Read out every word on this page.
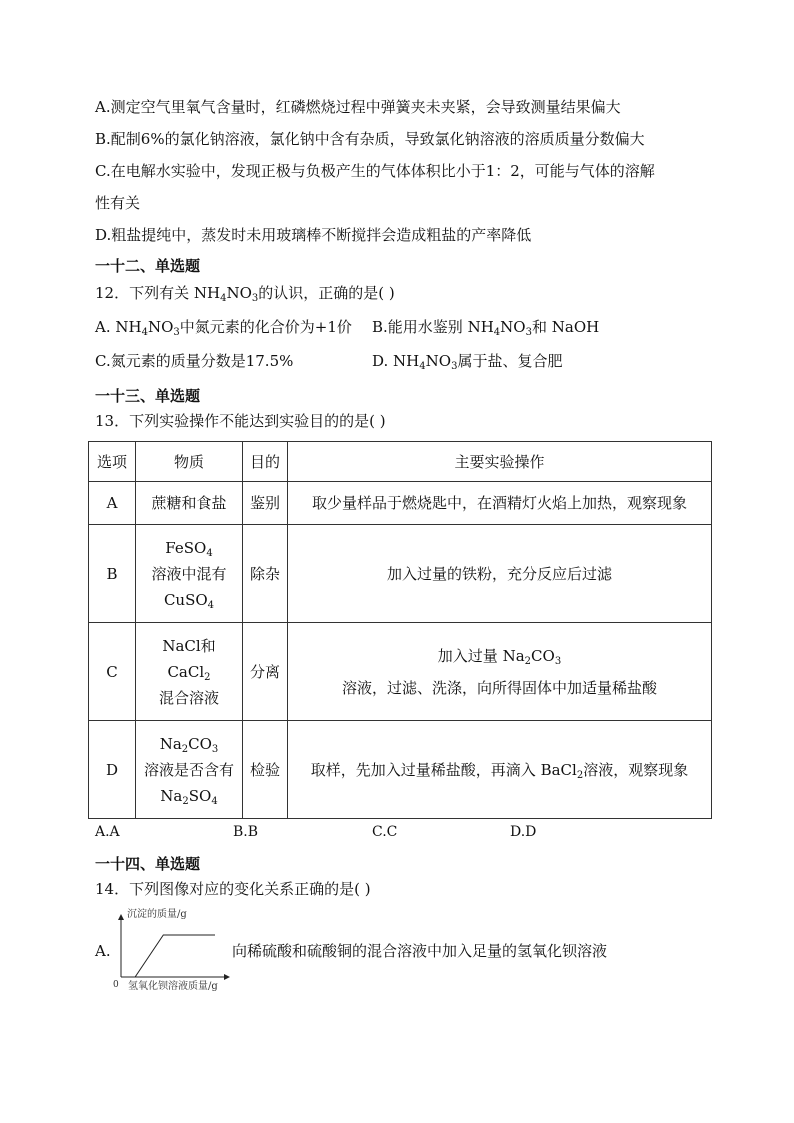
A.测定空气里氧气含量时，红磷燃烧过程中弹簧夹未夹紧，会导致测量结果偏大
B.配制6%的氯化钠溶液，氯化钠中含有杂质，导致氯化钠溶液的溶质质量分数偏大
C.在电解水实验中，发现正极与负极产生的气体体积比小于1：2，可能与气体的溶解
性有关
D.粗盐提纯中，蒸发时未用玻璃棒不断搅拌会造成粗盐的产率降低
一十二、单选题
12．下列有关 $NH_4NO_3$的认识，正确的是( )
A. $NH_4NO_3$中氮元素的化合价为+1价 B.能用水鉴别 $NH_4NO_3$和 NaOH
C.氮元素的质量分数是17.5%	D. $NH_4NO_3$属于盐、复合肥
一十三、单选题
13．下列实验操作不能达到实验目的的是( )
选项	物质	目的	主要实验操作
A	蔗糖和食盐	鉴别	取少量样品于燃烧匙中，在酒精灯火焰上加热，观察现象
B	FeSO$_4$
溶液中混有
CuSO$_4$	除杂	加入过量的铁粉，充分反应后过滤
C	NaCl和
CaCl$_2$
混合溶液	分离	加入过量 $Na_2CO_3$
溶液，过滤、洗涤，向所得固体中加适量稀盐酸
D	$Na_2CO_3$
溶液是否含有
$Na_2SO_4$	检验	取样，先加入过量稀盐酸，再滴入 BaCl$_2$溶液，观察现象
A.A	B.B	C.C	D.D
一十四、单选题
14．下列图像对应的变化关系正确的是( )
A.
沉淀的质量/g
氢氧化钡溶液质量/g
0
向稀硫酸和硫酸铜的混合溶液中加入足量的氢氧化钡溶液
